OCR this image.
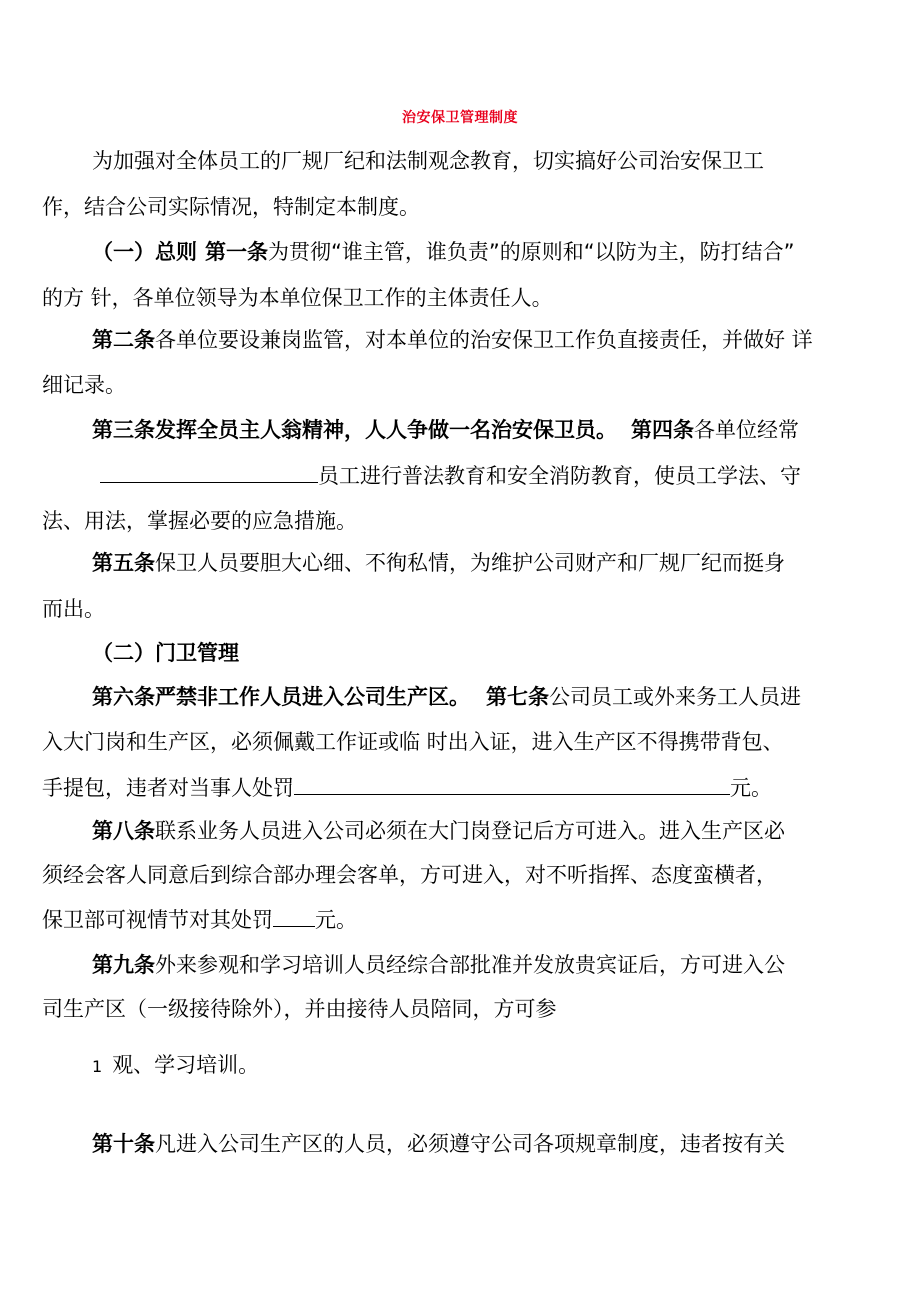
治安保卫管理制度
为加强对全体员工的厂规厂纪和法制观念教育，切实搞好公司治安保卫工
作，结合公司实际情况，特制定本制度。
（一）总则 第一条为贯彻“谁主管，谁负责”的原则和“以防为主，防打结合”
的方 针，各单位领导为本单位保卫工作的主体责任人。
第二条各单位要设兼岗监管，对本单位的治安保卫工作负直接责任，并做好 详
细记录。
第三条发挥全员主人翁精神，人人争做一名治安保卫员。 第四条各单位经常
员工进行普法教育和安全消防教育，使员工学法、守
法、用法，掌握必要的应急措施。
第五条保卫人员要胆大心细、不徇私情，为维护公司财产和厂规厂纪而挺身
而出。
（二）门卫管理
第六条严禁非工作人员进入公司生产区。 第七条公司员工或外来务工人员进
入大门岗和生产区，必须佩戴工作证或临 时出入证，进入生产区不得携带背包、
手提包，违者对当事人处罚	元。
第八条联系业务人员进入公司必须在大门岗登记后方可进入。进入生产区必
须经会客人同意后到综合部办理会客单，方可进入，对不听指挥、态度蛮横者，
保卫部可视情节对其处罚 元。
第九条外来参观和学习培训人员经综合部批准并发放贵宾证后，方可进入公
司生产区（一级接待除外），并由接待人员陪同，方可参
1 观、学习培训。
第十条凡进入公司生产区的人员，必须遵守公司各项规章制度，违者按有关
